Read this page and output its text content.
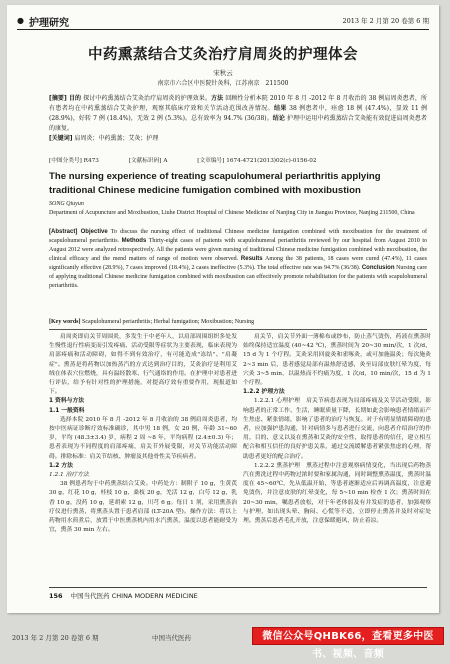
● 护理研究	2013 年 2 月第 20 卷第 6 期
中药熏蒸结合艾灸治疗肩周炎的护理体会
宋秋云
南京市六合区中医院针灸科，江苏南京　211500
[摘要] 目的 探讨中药熏蒸结合艾灸治疗肩周炎的护理效果。方法 回顾性分析本院 2010 年 8 月 -2012 年 8 月收治的 38 例肩周炎患者，所有患者均在中药熏蒸结合艾灸护理，观察其临床疗效和关节活动范围改善情况。结果 38 例患者中，痊愈 18 例 (47.4%)，显效 11 例 (28.9%)，好转 7 例 (18.4%)，无效 2 例 (5.3%)。总有效率为 94.7% (36/38)。结论 护理中运用中药熏蒸结合艾灸能有效促进肩周炎患者的康复。
[关键词] 肩周炎；中药熏蒸；艾灸；护理
[中图分类号] R473	[文献标识码] A	[文章编号] 1674-4721(2013)02(c)-0156-02
The nursing experience of treating scapulohumeral periarthritis applying traditional Chinese medicine fumigation combined with moxibustion
SONG Qiuyun
Department of Acupuncture and Moxibustion, Liuhe District Hospital of Chinese Medicine of Nanjing City in Jiangsu Province, Nanjing 211500, China
[Abstract] Objective To discuss the nursing effect of traditional Chinese medicine fumigation combined with moxibustion for the treatment of scapulohumeral periarthritis. Methods Thirty-eight cases of patients with scapulohumeral periarthritis reviewed by our hospital from August 2010 to August 2012 were analyzed retrospectively. All the patients were given nursing of traditional Chinese medicine fumigation combined with moxibustion, the clinical efficacy and the mend matters of range of motion were observed. Results Among the 38 patients, 18 cases were cured (47.4%), 11 cases significantly effective (28.9%), 7 cases improved (18.4%), 2 cases ineffective (5.3%). The total effective rate was 94.7% (36/38). Conclusion Nursing care of applying traditional Chinese medicine fumigation combined with moxibustion can effectively promote rehabilitation for the patients with scapulohumeral periarthritis.
[Key words] Scapulohumeral periarthritis; Herbal fumigation; Moxibustion; Nursing

肩周炎即肩关节周围炎，多发生于中老年人，以肩部周围组织多处发生慢性退行性病变而引发疼痛、活动受限等症状为主要表现，临床表现为肩部疼痛和活动障碍，如得不到有效治疗，有可能造成"冻结"、"肩凝症"。熏蒸是将药物以加热蒸汽的方式达到治疗目的，艾灸治疗是利用艾绒在体表穴位燃烧，具有温经散寒、行气通络的作用。在护理中对患者进行评估，给予有针对性的护理措施，对提高疗效有重要作用，现报道如下。

1 资料与方法

1.1 一般资料

选择本院 2010 年 8 月 -2012 年 8 月收治的 38 例肩周炎患者，均按中医病证诊断疗效标准确诊，其中男 18 例，女 20 例，年龄 31~60 岁，平均 (48.3±3.4) 岁，病程 2 周 ~8 年，平均病程 (2.4±0.3) 年；患者表现为不同程度的肩部疼痛，肩关节外展受限，对关节功能活动障碍。排除标准：肩关节结核、肿瘤及其他骨性关节疾病者。

1.2 方法

1.2.1 治疗方法

38 例患者均于中药熏蒸结合艾灸。中药处方：制附子 10 g，生黄芪 30 g，红花 10 g，桂枝 10 g，桑枝 20 g，羌活 12 g，白芍 12 g，乳香 10 g，没药 10 g，延胡索 12 g，川芎 6 g。每日 1 剂，采用熏蒸治疗仪进行熏蒸，将熏蒸头置于患者肩部 (LT-20A 型)。操作方法：将以上药物用水煎煮后，放置于中医熏蒸机内用水汽熏蒸，温度以患者能耐受为宜，熏蒸 30 min 左右。

肩关节，肩关节外面一薄棉布或纱布，防止蒸气烫伤，药液在熏蒸时始终保持适宜温度 (40~42 ℃)，熏蒸时间为 20~30 min/次，1 次/d，15 d 为 1 个疗程。艾灸采用回旋灸和雀啄灸，或可加施温灸；每次施灸 2~3 min 后，患者感觉局部有温热舒适感，灸至局部皮肤红晕为度，每穴灸 3~5 min，以温热而不灼痛为度，1 次/d，10 min/次，15 d 为 1 个疗程。

1.2.2 护理方法

1.2.2.1 心理护理　肩关节病患表现为局部疼痛及关节活动受限，影响患者的正常工作、生活，睡眠质量下降，长期如此会影响患者情绪而产生焦虑、紧张情绪，影响了患者的治疗与恢复。对于有明显情绪障碍的患者，应加强护患沟通，针对病情多与患者进行交流，向患者介绍治疗的作用、目的、意义以及在熏蒸和艾灸的安全性，取得患者的信任，建立相互配合和相互信任的良好护患关系，通过交流缓解患者紧张焦虑的心理，帮助患者更好的配合治疗。

1.2.2.2 熏蒸护理　熏蒸过程中注意观察病情变化，当出现后药物蒸汽在熏洗过程中药物过浓时要和家属沟通，同时调整熏蒸温度，熏蒸时温度在 45~60℃，先从低温开始，等患者逐渐适应后再调高温度，注意避免烫伤，并注意皮肤的红晕变化，每 5~10 min 检查 1 次；熏蒸时间在 20~30 min，嘱患者放松，对于年老体弱及有并发症的患者，加强观察与护理，如出现头晕、胸闷、心慌等不适，立即停止熏蒸并及时对症处理。熏蒸后患者毛孔开放，注意保暖避风，防止着凉。

156 中国当代医药 CHINA MODERN MEDICINE
2013 年 2 月第 20 卷第 6 期	中国当代医药	微信公众号QHBK66，查看更多中医书、视频、音频
